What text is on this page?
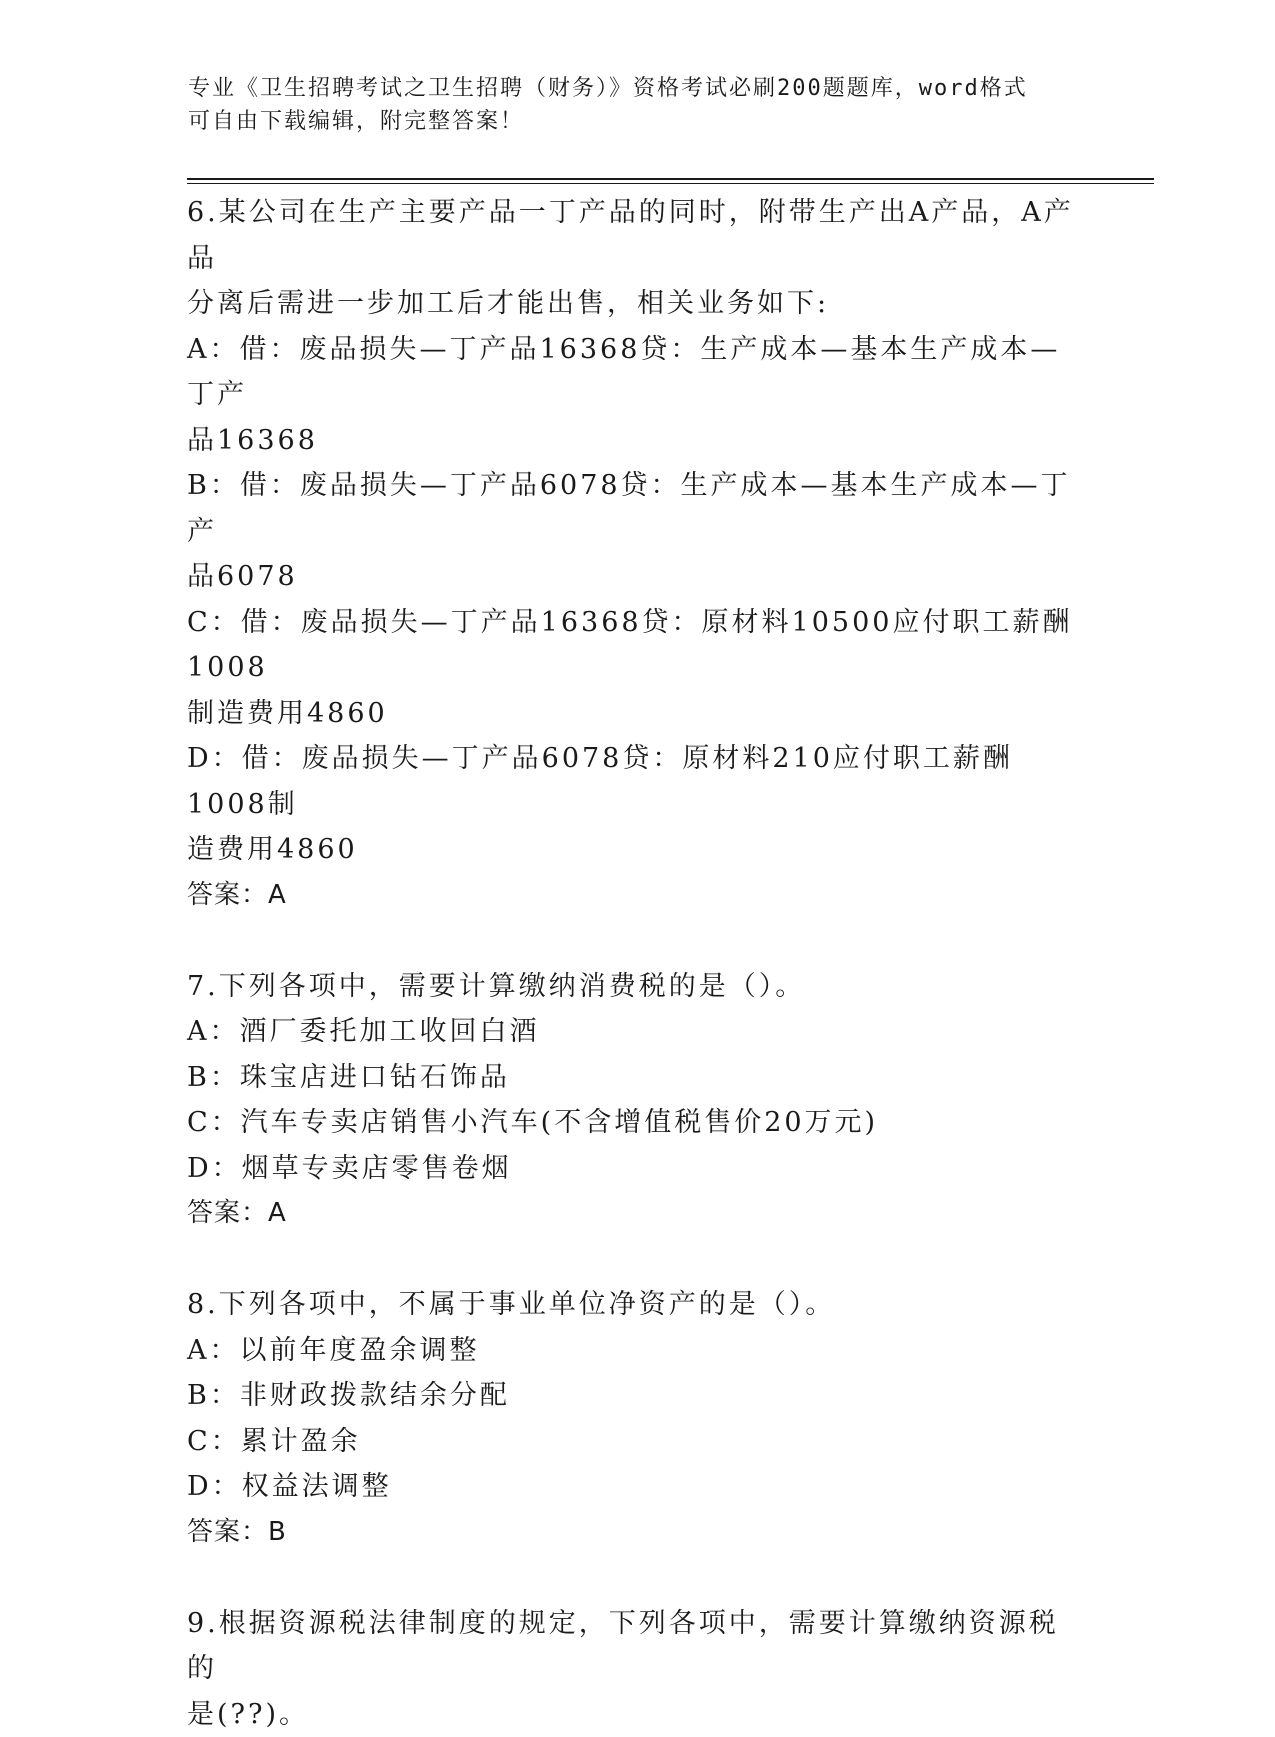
专业《卫生招聘考试之卫生招聘（财务）》资格考试必刷200题题库，word格式
可自由下载编辑，附完整答案！

6.某公司在生产主要产品一丁产品的同时，附带生产出A产品，A产品

分离后需进一步加工后才能出售，相关业务如下:

A：借：废品损失—丁产品16368贷：生产成本—基本生产成本—丁产

品16368

B：借：废品损失—丁产品6078贷：生产成本—基本生产成本—丁产

品6078

C：借：废品损失—丁产品16368贷：原材料10500应付职工薪酬1008

制造费用4860

D：借：废品损失—丁产品6078贷：原材料210应付职工薪酬1008制

造费用4860

答案：A

7.下列各项中，需要计算缴纳消费税的是（）。

A：酒厂委托加工收回白酒

B：珠宝店进口钻石饰品

C：汽车专卖店销售小汽车(不含增值税售价20万元)

D：烟草专卖店零售卷烟

答案：A

8.下列各项中，不属于事业单位净资产的是（）。

A：以前年度盈余调整

B：非财政拨款结余分配

C：累计盈余

D：权益法调整

答案：B

9.根据资源税法律制度的规定，下列各项中，需要计算缴纳资源税的

是(??)。
